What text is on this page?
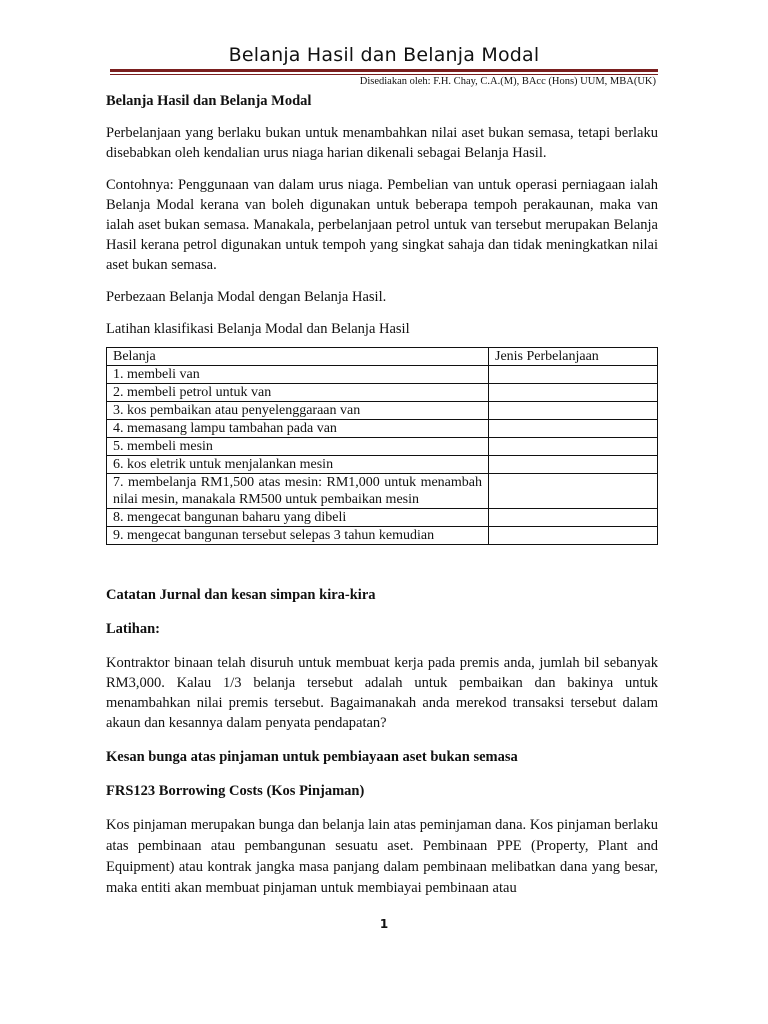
Belanja Hasil dan Belanja Modal
Disediakan oleh: F.H. Chay, C.A.(M), BAcc (Hons) UUM, MBA(UK)

Belanja Hasil dan Belanja Modal

Perbelanjaan yang berlaku bukan untuk menambahkan nilai aset bukan semasa, tetapi berlaku disebabkan oleh kendalian urus niaga harian dikenali sebagai Belanja Hasil.

Contohnya: Penggunaan van dalam urus niaga. Pembelian van untuk operasi perniagaan ialah Belanja Modal kerana van boleh digunakan untuk beberapa tempoh perakaunan, maka van ialah aset bukan semasa. Manakala, perbelanjaan petrol untuk van tersebut merupakan Belanja Hasil kerana petrol digunakan untuk tempoh yang singkat sahaja dan tidak meningkatkan nilai aset bukan semasa.

Perbezaan Belanja Modal dengan Belanja Hasil.

Latihan klasifikasi Belanja Modal dan Belanja Hasil

Belanja	Jenis Perbelanjaan
1. membeli van	
2. membeli petrol untuk van	
3. kos pembaikan atau penyelenggaraan van	
4. memasang lampu tambahan pada van	
5. membeli mesin	
6. kos eletrik untuk menjalankan mesin	
7. membelanja RM1,500 atas mesin: RM1,000 untuk menambah nilai mesin, manakala RM500 untuk pembaikan mesin	
8. mengecat bangunan baharu yang dibeli	
9. mengecat bangunan tersebut selepas 3 tahun kemudian	

Catatan Jurnal dan kesan simpan kira-kira

Latihan:

Kontraktor binaan telah disuruh untuk membuat kerja pada premis anda, jumlah bil sebanyak RM3,000. Kalau 1/3 belanja tersebut adalah untuk pembaikan dan bakinya untuk menambahkan nilai premis tersebut. Bagaimanakah anda merekod transaksi tersebut dalam akaun dan kesannya dalam penyata pendapatan?

Kesan bunga atas pinjaman untuk pembiayaan aset bukan semasa

FRS123 Borrowing Costs (Kos Pinjaman)

Kos pinjaman merupakan bunga dan belanja lain atas peminjaman dana. Kos pinjaman berlaku atas pembinaan atau pembangunan sesuatu aset. Pembinaan PPE (Property, Plant and Equipment) atau kontrak jangka masa panjang dalam pembinaan melibatkan dana yang besar, maka entiti akan membuat pinjaman untuk membiayai pembinaan atau

1
